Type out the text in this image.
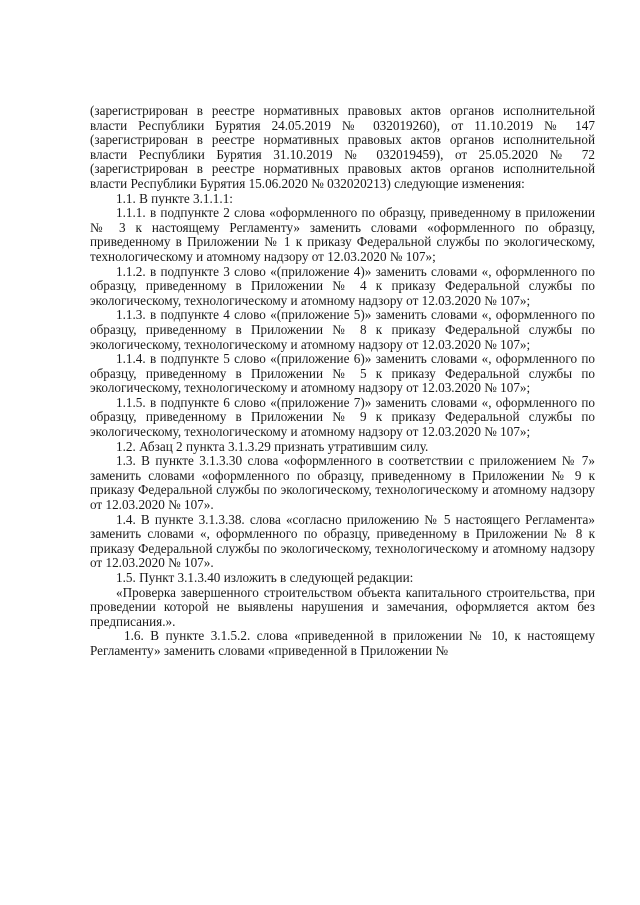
(зарегистрирован в реестре нормативных правовых актов органов исполнительной власти Республики Бурятия 24.05.2019 № 032019260), от 11.10.2019 № 147 (зарегистрирован в реестре нормативных правовых актов органов исполнительной власти Республики Бурятия 31.10.2019 № 032019459), от 25.05.2020 № 72 (зарегистрирован в реестре нормативных правовых актов органов исполнительной власти Республики Бурятия 15.06.2020 № 032020213) следующие изменения:

1.1. В пункте 3.1.1.1:

1.1.1. в подпункте 2 слова «оформленного по образцу, приведенному в приложении № 3 к настоящему Регламенту» заменить словами «оформленного по образцу, приведенному в Приложении № 1 к приказу Федеральной службы по экологическому, технологическому и атомному надзору от 12.03.2020 № 107»;

1.1.2. в подпункте 3 слово «(приложение 4)» заменить словами «, оформленного по образцу, приведенному в Приложении № 4 к приказу Федеральной службы по экологическому, технологическому и атомному надзору от 12.03.2020 № 107»;

1.1.3. в подпункте 4 слово «(приложение 5)» заменить словами «, оформленного по образцу, приведенному в Приложении № 8 к приказу Федеральной службы по экологическому, технологическому и атомному надзору от 12.03.2020 № 107»;

1.1.4. в подпункте 5 слово «(приложение 6)» заменить словами «, оформленного по образцу, приведенному в Приложении № 5 к приказу Федеральной службы по экологическому, технологическому и атомному надзору от 12.03.2020 № 107»;

1.1.5. в подпункте 6 слово «(приложение 7)» заменить словами «, оформленного по образцу, приведенному в Приложении № 9 к приказу Федеральной службы по экологическому, технологическому и атомному надзору от 12.03.2020 № 107»;

1.2. Абзац 2 пункта 3.1.3.29 признать утратившим силу.

1.3. В пункте 3.1.3.30 слова «оформленного в соответствии с приложением № 7» заменить словами «оформленного по образцу, приведенному в Приложении № 9 к приказу Федеральной службы по экологическому, технологическому и атомному надзору от 12.03.2020 № 107».

1.4. В пункте 3.1.3.38. слова «согласно приложению № 5 настоящего Регламента» заменить словами «, оформленного по образцу, приведенному в Приложении № 8 к приказу Федеральной службы по экологическому, технологическому и атомному надзору от 12.03.2020 № 107».

1.5. Пункт 3.1.3.40 изложить в следующей редакции:

«Проверка завершенного строительством объекта капитального строительства, при проведении которой не выявлены нарушения и замечания, оформляется актом без предписания.».

1.6. В пункте 3.1.5.2. слова «приведенной в приложении № 10, к настоящему Регламенту» заменить словами «приведенной в Приложении №
